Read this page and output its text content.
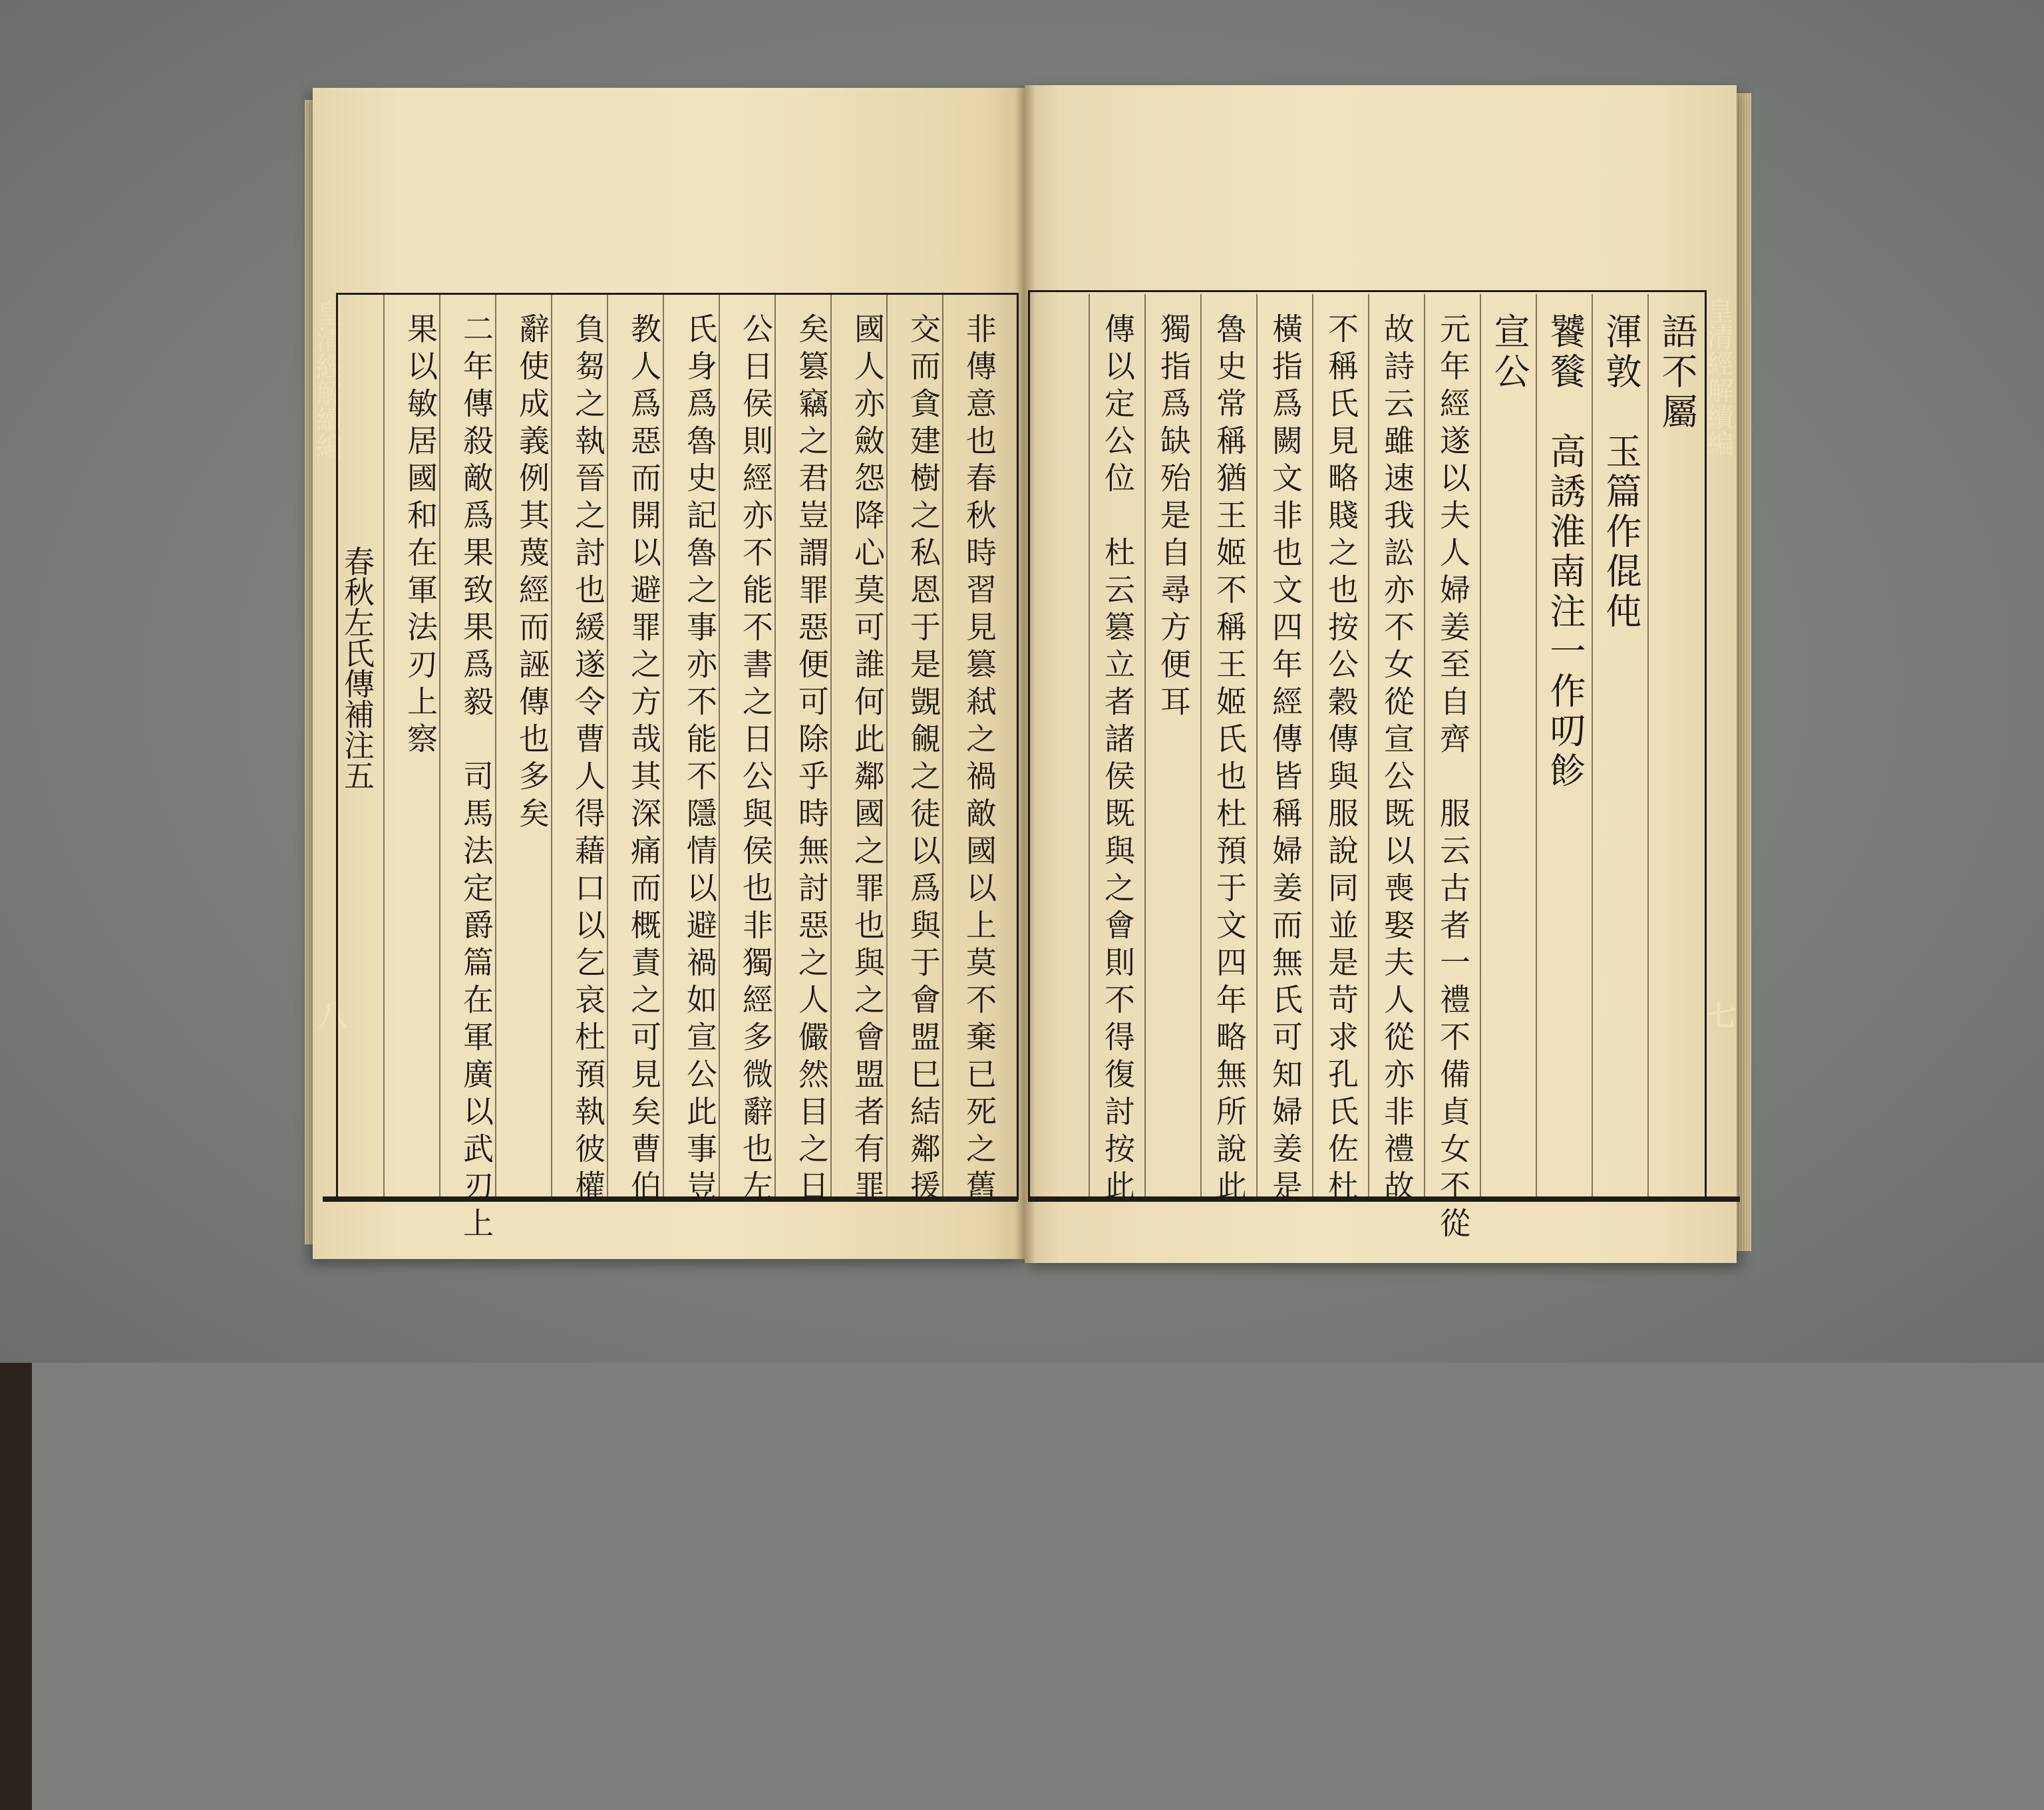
皇清經解續編
春秋左氏傳補注五
八	非傳意也春秋時習見篡弒之禍敵國以上莫不棄已死之舊
交而貪建樹之私恩于是覬覦之徒以爲與于會盟巳結鄰援
國人亦斂怨降心莫可誰何此鄰國之罪也與之會盟者有罪
矣篡竊之君豈謂罪惡便可除乎時無討惡之人儼然目之日
公日侯則經亦不能不書之日公與侯也非獨經多微辭也左
氏身爲魯史記魯之事亦不能不隱情以避禍如宣公此事豈
教人爲惡而開以避罪之方哉其深痛而概責之可見矣曹伯
負芻之執晉之討也緩遂令曹人得藉口以乞哀杜預執彼權
辭使成義例其蔑經而誣傳也多矣
二年傳殺敵爲果致果爲毅　司馬法定爵篇在軍廣以武刃上
果以敏居國和在軍法刃上察	皇清經解續編
七
語不屬
渾敦　玉篇作倱伅
饕餮　高誘淮南注一作叨飻
宣公
元年經遂以夫人婦姜至自齊　服云古者一禮不備貞女不從
故詩云雖速我訟亦不女從宣公既以喪娶夫人從亦非禮故
不稱氏見略賤之也按公穀傳與服說同並是苛求孔氏佐杜
橫指爲闕文非也文四年經傳皆稱婦姜而無氏可知婦姜是
魯史常稱猶王姬不稱王姬氏也杜預于文四年略無所說此
獨指爲缺殆是自尋方便耳
傳以定公位　杜云篡立者諸侯既與之會則不得復討按此
